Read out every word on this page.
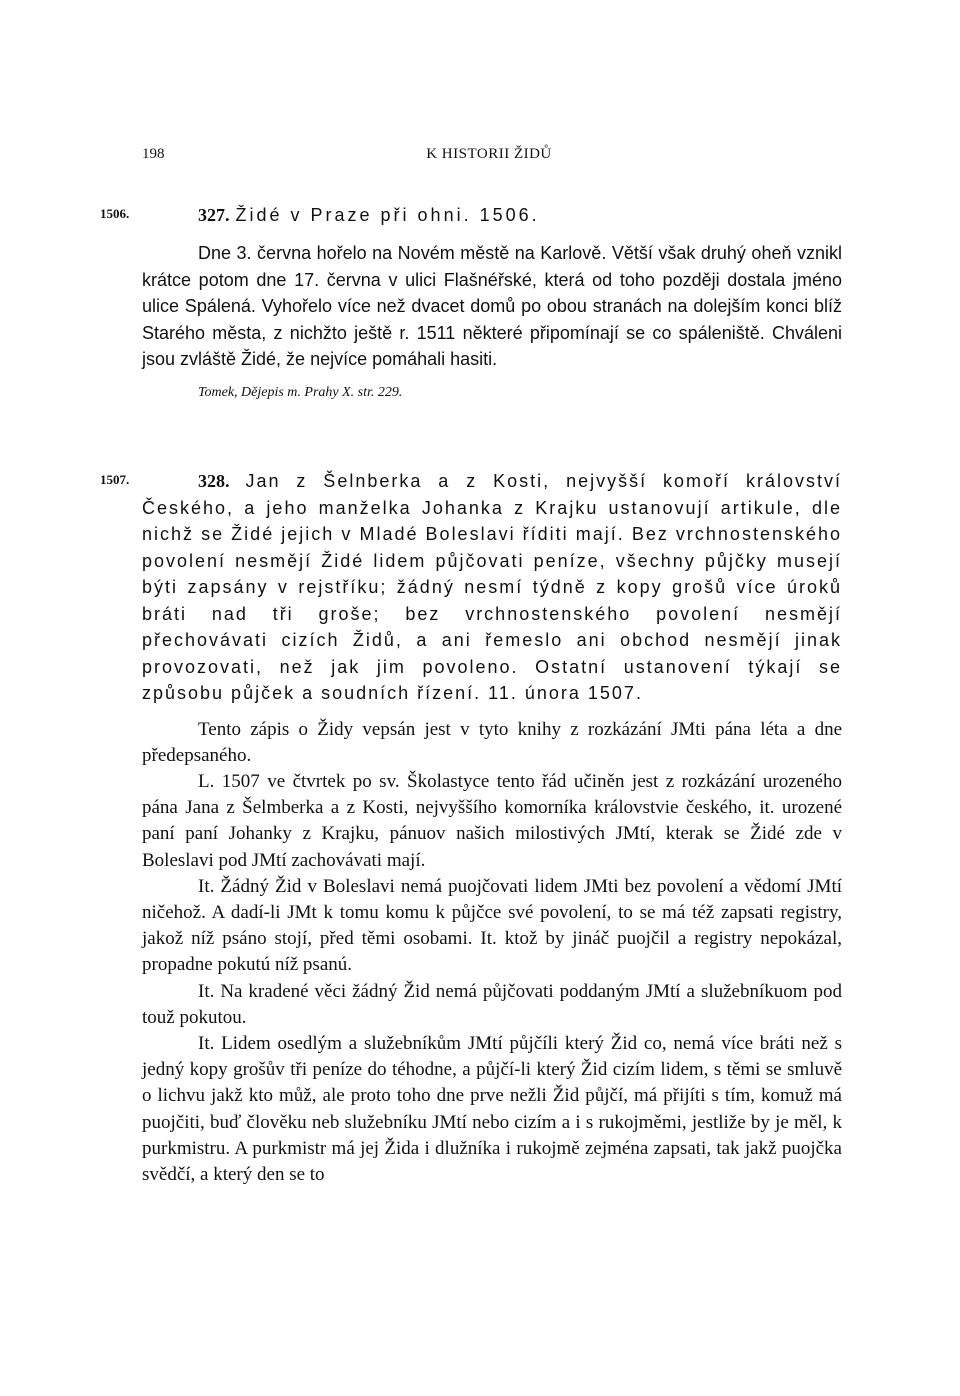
198	K HISTORII ŽIDŮ
1506.	327. Židé v Praze při ohni. 1506.

Dne 3. června hořelo na Novém městě na Karlově. Větší však druhý oheň vznikl krátce potom dne 17. června v ulici Flašnéřské, která od toho později dostala jméno ulice Spálená. Vyhořelo více než dvacet domů po obou stranách na dolejším konci blíž Starého města, z nichžto ještě r. 1511 některé připomínají se co spáleniště. Chváleni jsou zvláště Židé, že nejvíce pomáhali hasiti.

Tomek, Dějepis m. Prahy X. str. 229.

1507.	328. Jan z Šelnberka a z Kosti, nejvyšší komoří království Českého, a jeho manželka Johanka z Krajku ustanovují artikule, dle nichž se Židé jejich v Mladé Boleslavi říditi mají. Bez vrchnostenského povolení nesmějí Židé lidem půjčovati peníze, všechny půjčky musejí býti zapsány v rejstříku; žádný nesmí týdně z kopy grošů více úroků bráti nad tři groše; bez vrchnostenského povolení nesmějí přechovávati cizích Židů, a ani řemeslo ani obchod nesmějí jinak provozovati, než jak jim povoleno. Ostatní ustanovení týkají se způsobu půjček a soudních řízení. 11. února 1507.

Tento zápis o Židy vepsán jest v tyto knihy z rozkázání JMti pána léta a dne předepsaného.

L. 1507 ve čtvrtek po sv. Školastyce tento řád učiněn jest z rozkázání urozeného pána Jana z Šelmberka a z Kosti, nejvyššího komorníka královstvie českého, it. urozené paní paní Johanky z Krajku, pánuov našich milostivých JMtí, kterak se Židé zde v Boleslavi pod JMtí zachovávati mají.

It. Žádný Žid v Boleslavi nemá puojčovati lidem JMti bez povolení a vědomí JMtí ničehož. A dadí-li JMt k tomu komu k půjčce své povolení, to se má též zapsati registry, jakož níž psáno stojí, před těmi osobami. It. ktož by jináč puojčil a registry nepokázal, propadne pokutú níž psanú.

It. Na kradené věci žádný Žid nemá půjčovati poddaným JMtí a služebníkuom pod touž pokutou.

It. Lidem osedlým a služebníkům JMtí půjčíli který Žid co, nemá více bráti než s jedný kopy grošův tři peníze do téhodne, a půjčí-li který Žid cizím lidem, s těmi se smluvě o lichvu jakž kto můž, ale proto toho dne prve nežli Žid půjčí, má přijíti s tím, komuž má puojčiti, buď člověku neb služebníku JMtí nebo cizím a i s rukojměmi, jestliže by je měl, k purkmistru. A purkmistr má jej Žida i dlužníka i rukojmě zejména zapsati, tak jakž puojčka svědčí, a který den se to
